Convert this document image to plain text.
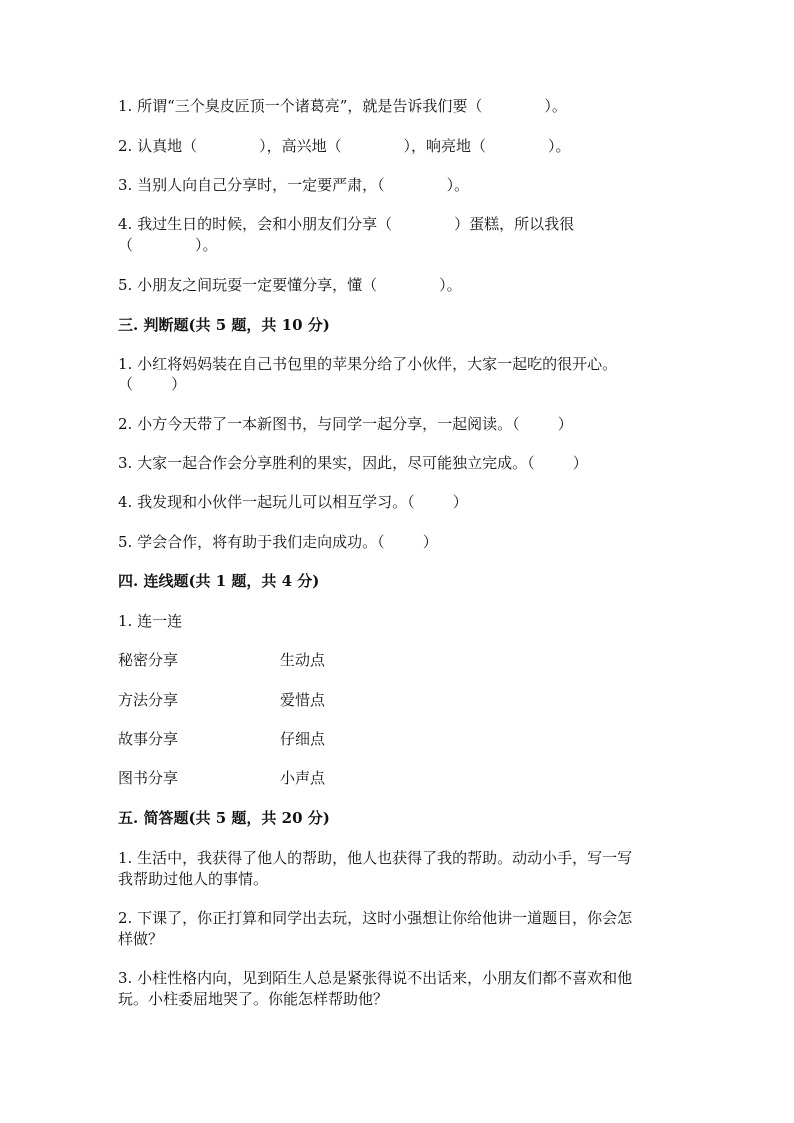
1. 所谓“三个臭皮匠顶一个诸葛亮”，就是告诉我们要（             ）。
2. 认真地（             ），高兴地（             ），响亮地（             ）。
3. 当别人向自己分享时，一定要严肃，（             ）。
4. 我过生日的时候，会和小朋友们分享（             ）蛋糕，所以我很
（             ）。
5. 小朋友之间玩耍一定要懂分享，懂（             ）。
三. 判断题(共 5 题，共 10 分)
1. 小红将妈妈装在自己书包里的苹果分给了小伙伴，大家一起吃的很开心。
（        ）
2. 小方今天带了一本新图书，与同学一起分享，一起阅读。（        ）
3. 大家一起合作会分享胜利的果实，因此，尽可能独立完成。（        ）
4. 我发现和小伙伴一起玩儿可以相互学习。（        ）
5. 学会合作，将有助于我们走向成功。（        ）
四. 连线题(共 1 题，共 4 分)
1. 连一连
秘密分享	生动点
方法分享	爱惜点
故事分享	仔细点
图书分享	小声点
五. 简答题(共 5 题，共 20 分)
1. 生活中，我获得了他人的帮助，他人也获得了我的帮助。动动小手，写一写
我帮助过他人的事情。
2. 下课了，你正打算和同学出去玩，这时小强想让你给他讲一道题目，你会怎
样做？
3. 小柱性格内向，见到陌生人总是紧张得说不出话来，小朋友们都不喜欢和他
玩。小柱委屈地哭了。你能怎样帮助他？
